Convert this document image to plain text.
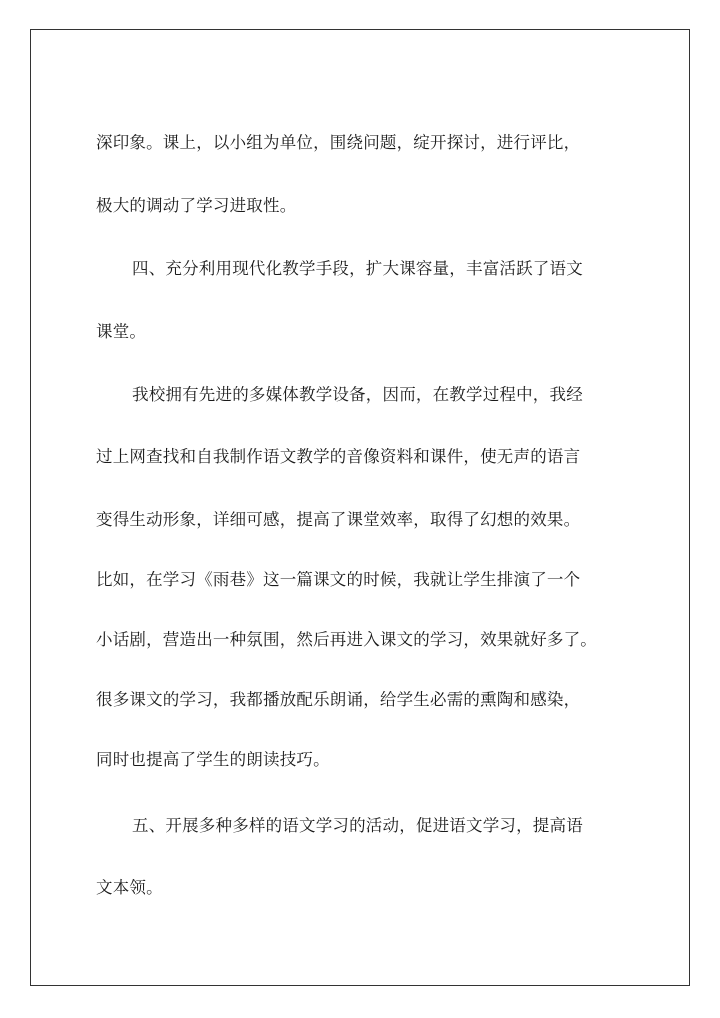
深印象。课上，以小组为单位，围绕问题，绽开探讨，进行评比，
极大的调动了学习进取性。
四、充分利用现代化教学手段，扩大课容量，丰富活跃了语文
课堂。
我校拥有先进的多媒体教学设备，因而，在教学过程中，我经
过上网查找和自我制作语文教学的音像资料和课件，使无声的语言
变得生动形象，详细可感，提高了课堂效率，取得了幻想的效果。
比如，在学习《雨巷》这一篇课文的时候，我就让学生排演了一个
小话剧，营造出一种氛围，然后再进入课文的学习，效果就好多了。
很多课文的学习，我都播放配乐朗诵，给学生必需的熏陶和感染，
同时也提高了学生的朗读技巧。
五、开展多种多样的语文学习的活动，促进语文学习，提高语
文本领。
